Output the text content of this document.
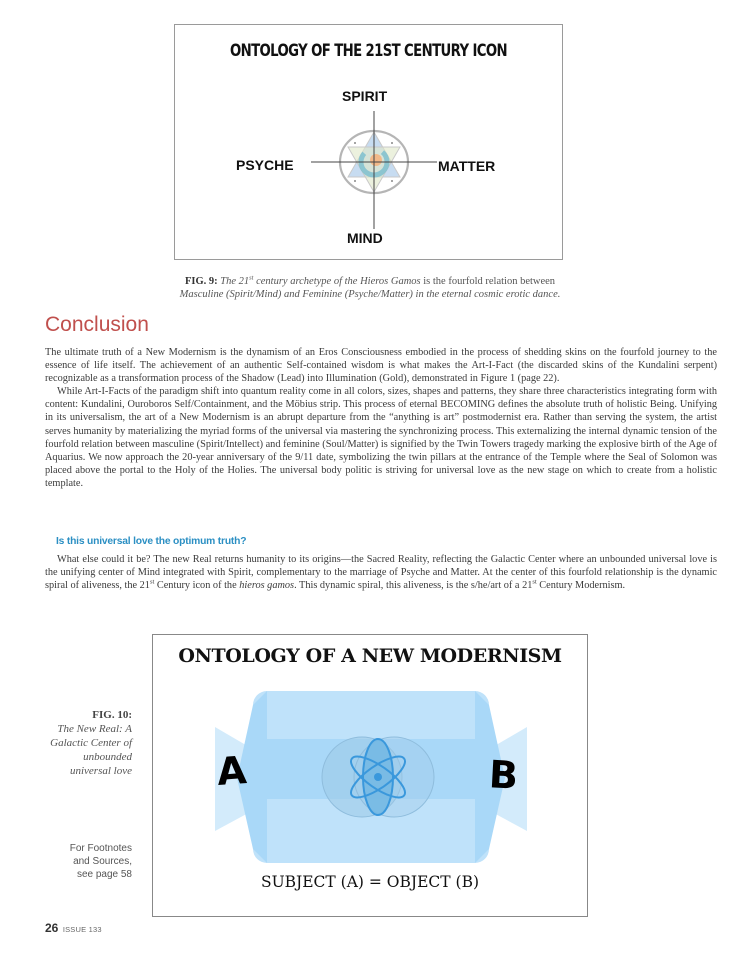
ONTOLOGY OF THE 21ST CENTURY ICON
SPIRIT
PSYCHE	MATTER
MIND
FIG. 9: The 21st century archetype of the Hieros Gamos is the fourfold relation between
Masculine (Spirit/Mind) and Feminine (Psyche/Matter) in the eternal cosmic erotic dance.
Conclusion

The ultimate truth of a New Modernism is the dynamism of an Eros Consciousness embodied in the process of shedding skins on the fourfold journey to the essence of life itself. The achievement of an authentic Self-contained wisdom is what makes the Art-I-Fact (the discarded skins of the Kundalini serpent) recognizable as a transformation process of the Shadow (Lead) into Illumination (Gold), demonstrated in Figure 1 (page 22).

While Art-I-Facts of the paradigm shift into quantum reality come in all colors, sizes, shapes and patterns, they share three characteristics integrating form with content: Kundalini, Ouroboros Self/Containment, and the Möbius strip. This process of eternal BECOMING defines the absolute truth of holistic Being. Unifying in its universalism, the art of a New Modernism is an abrupt departure from the “anything is art” postmodernist era. Rather than serving the system, the artist serves humanity by materializing the myriad forms of the universal via mastering the synchronizing process. This externalizing the internal dynamic tension of the fourfold relation between masculine (Spirit/Intellect) and feminine (Soul/Matter) is signified by the Twin Towers tragedy marking the explosive birth of the Age of Aquarius. We now approach the 20-year anniversary of the 9/11 date, symbolizing the twin pillars at the entrance of the Temple where the Seal of Solomon was placed above the portal to the Holy of the Holies. The universal body politic is striving for universal love as the new stage on which to create from a holistic template.

Is this universal love the optimum truth?

What else could it be? The new Real returns humanity to its origins—the Sacred Reality, reflecting the Galactic Center where an unbounded universal love is the unifying center of Mind integrated with Spirit, complementary to the marriage of Psyche and Matter. At the center of this fourfold relationship is the dynamic spiral of aliveness, the 21st Century icon of the hieros gamos. This dynamic spiral, this aliveness, is the s/he/art of a 21st Century Modernism.

ONTOLOGY OF A NEW MODERNISM
A	B
SUBJECT (A) = OBJECT (B)
FIG. 10:
The New Real: A
Galactic Center of
unbounded
universal love
For Footnotes
and Sources,
see page 58
26 ISSUE 133
